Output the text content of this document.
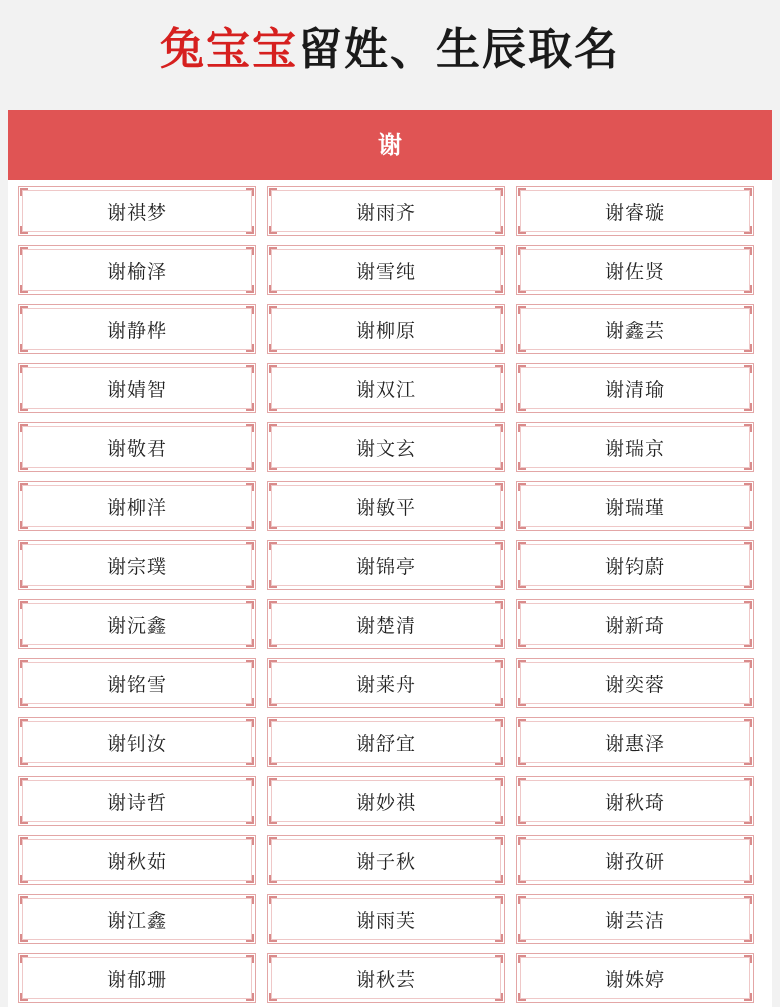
兔宝宝留姓、生辰取名
谢
谢祺梦	谢雨齐	谢睿璇
谢榆泽	谢雪纯	谢佐贤
谢静桦	谢柳原	谢鑫芸
谢婧智	谢双江	谢清瑜
谢敬君	谢文玄	谢瑞京
谢柳洋	谢敏平	谢瑞瑾
谢宗璞	谢锦亭	谢钧蔚
谢沅鑫	谢楚清	谢新琦
谢铭雪	谢莱舟	谢奕蓉
谢钊汝	谢舒宜	谢惠泽
谢诗哲	谢妙祺	谢秋琦
谢秋茹	谢子秋	谢孜研
谢江鑫	谢雨芙	谢芸洁
谢郁珊	谢秋芸	谢姝婷
